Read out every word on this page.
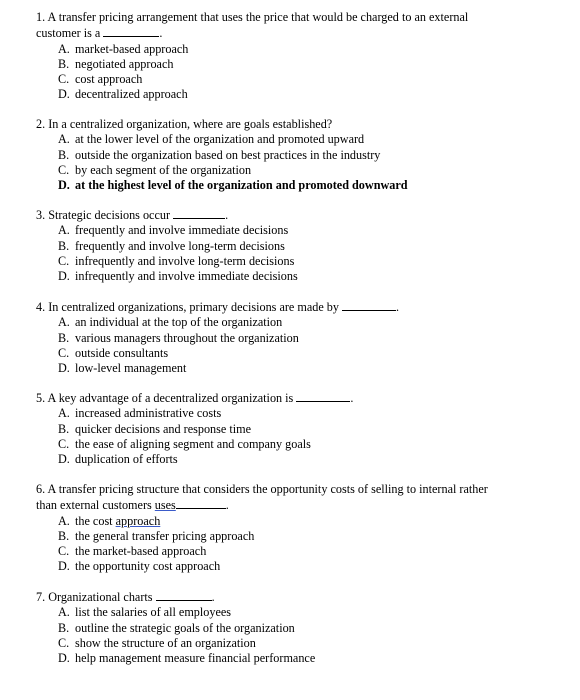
1. A transfer pricing arrangement that uses the price that would be charged to an external
customer is a	.

A. market-based approach
B. negotiated approach
C. cost approach
D. decentralized approach

2. In a centralized organization, where are goals established?

A. at the lower level of the organization and promoted upward
B. outside the organization based on best practices in the industry
C. by each segment of the organization
D. at the highest level of the organization and promoted downward

3. Strategic decisions occur	.

A. frequently and involve immediate decisions
B. frequently and involve long-term decisions
C. infrequently and involve long-term decisions
D. infrequently and involve immediate decisions

4. In centralized organizations, primary decisions are made by	.

A. an individual at the top of the organization
B. various managers throughout the organization
C. outside consultants
D. low-level management

5. A key advantage of a decentralized organization is	.

A. increased administrative costs
B. quicker decisions and response time
C. the ease of aligning segment and company goals
D. duplication of efforts

6. A transfer pricing structure that considers the opportunity costs of selling to internal rather
than external customers uses	.

A. the cost approach
B. the general transfer pricing approach
C. the market-based approach
D. the opportunity cost approach

7. Organizational charts	.

A. list the salaries of all employees
B. outline the strategic goals of the organization
C. show the structure of an organization
D. help management measure financial performance
